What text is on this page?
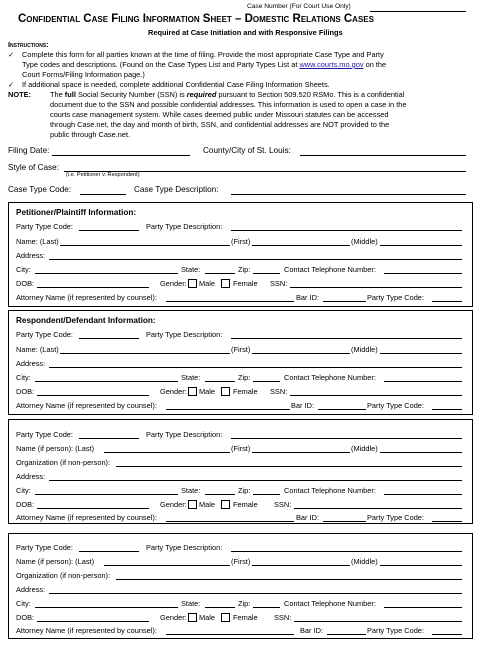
Case Number (For Court Use Only)
Confidential Case Filing Information Sheet – Domestic Relations Cases
Required at Case Initiation and with Responsive Filings
Instructions:
✓ Complete this form for all parties known at the time of filing. Provide the most appropriate Case Type and Party
Type codes and descriptions. (Found on the Case Types List and Party Types List at www.courts.mo.gov on the
Court Forms/Filing Information page.)
✓ If additional space is needed, complete additional Confidential Case Filing Information Sheets.
NOTE:	The full Social Security Number (SSN) is required pursuant to Section 509.520 RSMo. This is a confidential
document due to the SSN and possible confidential addresses. This information is used to open a case in the
courts case management system. While cases deemed public under Missouri statutes can be accessed
through Case.net, the day and month of birth, SSN, and confidential addresses are NOT provided to the
public through Case.net.
Filing Date:	County/City of St. Louis:
Style of Case:
(i.e. Petitioner v. Respondent)
Case Type Code:	Case Type Description:
Petitioner/Plaintiff Information:
Party Type Code:	Party Type Description:
Name: (Last)	(First)	(Middle)
Address:
City:	State:	Zip:	Contact Telephone Number:
DOB:	Gender: Male Female SSN:
Attorney Name (if represented by counsel):	Bar ID:	Party Type Code:
Respondent/Defendant Information:
Party Type Code:	Party Type Description:
Name: (Last)	(First)	(Middle)
Address:
City:	State:	Zip:	Contact Telephone Number:
DOB:	Gender: Male Female SSN:
Attorney Name (if represented by counsel):	Bar ID:	Party Type Code:
Party Type Code:	Party Type Description:
Name (if person): (Last)	(First)	(Middle)
Organization (if non-person):
Address:
City:	State:	Zip:	Contact Telephone Number:
DOB:	Gender: Male Female SSN:
Attorney Name (if represented by counsel):	Bar ID:	Party Type Code:
Party Type Code:	Party Type Description:
Name (if person): (Last)	(First)	(Middle)
Organization (if non-person):
Address:
City:	State:	Zip:	Contact Telephone Number:
DOB:	Gender: Male Female SSN:
Attorney Name (if represented by counsel):	Bar ID:	Party Type Code:
